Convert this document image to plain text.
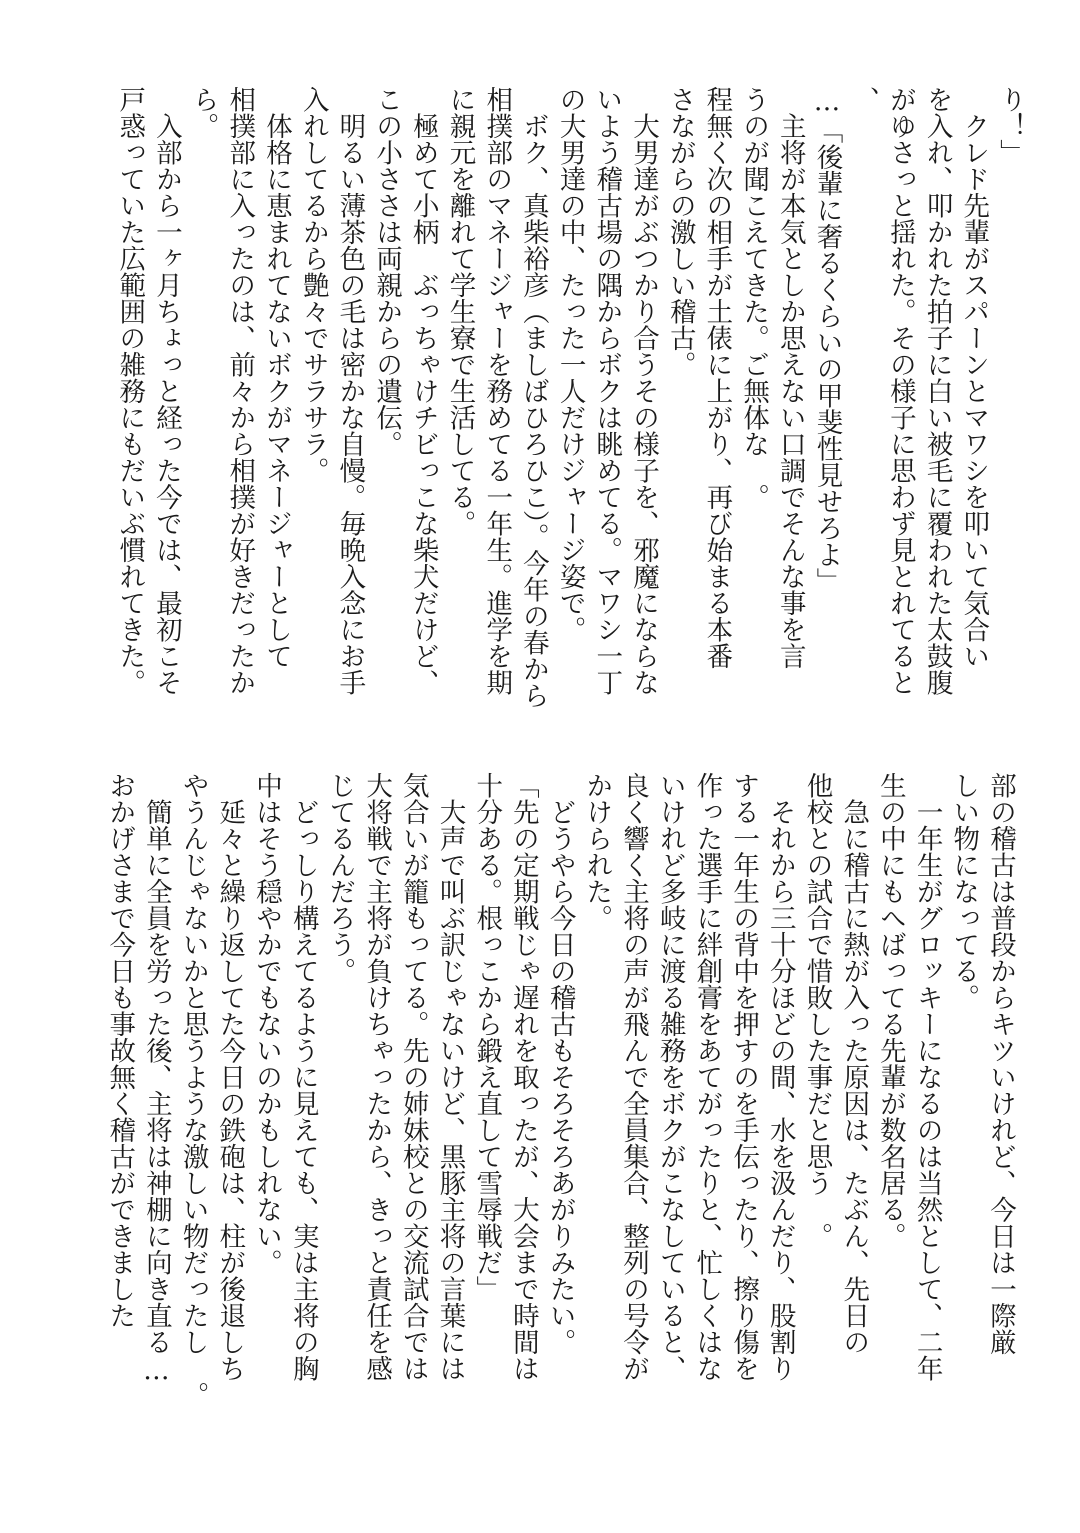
り！」
　クレド先輩がスパーンとマワシを叩いて気合い
を入れ、叩かれた拍子に白い被毛に覆われた太鼓腹
がゆさっと揺れた。その様子に思わず見とれてると
、
…「後輩に奢るくらいの甲斐性見せろよ」
　主将が本気としか思えない口調でそんな事を言
うのが聞こえてきた。ご無体な　。
程無く次の相手が土俵に上がり、再び始まる本番
さながらの激しい稽古。
　大男達がぶつかり合うその様子を、邪魔にならな
いよう稽古場の隅からボクは眺めてる。マワシ一丁
の大男達の中、たった一人だけジャージ姿で。
　ボク、真柴裕彦（ましばひろひこ）。今年の春から
相撲部のマネージャーを務めてる一年生。進学を期
に親元を離れて学生寮で生活してる。
　極めて小柄　ぶっちゃけチビっこな柴犬だけど、
この小ささは両親からの遺伝。
　明るい薄茶色の毛は密かな自慢。毎晩入念にお手
入れしてるから艶々でサラサラ。
　体格に恵まれてないボクがマネージャーとして
相撲部に入ったのは、前々から相撲が好きだったか
ら。
　入部から一ヶ月ちょっと経った今では、最初こそ
戸惑っていた広範囲の雑務にもだいぶ慣れてきた。
部の稽古は普段からキツいけれど、今日は一際厳
しい物になってる。
　一年生がグロッキーになるのは当然として、二年
生の中にもへばってる先輩が数名居る。
　急に稽古に熱が入った原因は、たぶん、先日の
他校との試合で惜敗した事だと思う　。
　それから三十分ほどの間、水を汲んだり、股割り
する一年生の背中を押すのを手伝ったり、擦り傷を
作った選手に絆創膏をあてがったりと、忙しくはな
いけれど多岐に渡る雑務をボクがこなしていると、
良く響く主将の声が飛んで全員集合、整列の号令が
かけられた。
　どうやら今日の稽古もそろそろあがりみたい。
「先の定期戦じゃ遅れを取ったが、大会まで時間は
十分ある。根っこから鍛え直して雪辱戦だ」
　大声で叫ぶ訳じゃないけど、黒豚主将の言葉には
気合いが籠もってる。先の姉妹校との交流試合では
大将戦で主将が負けちゃったから、きっと責任を感
じてるんだろう。
　どっしり構えてるように見えても、実は主将の胸
中はそう穏やかでもないのかもしれない。
　延々と繰り返してた今日の鉄砲は、柱が後退しち
やうんじゃないかと思うような激しい物だったし　。
　簡単に全員を労った後、主将は神棚に向き直る…
おかげさまで今日も事故無く稽古ができました
